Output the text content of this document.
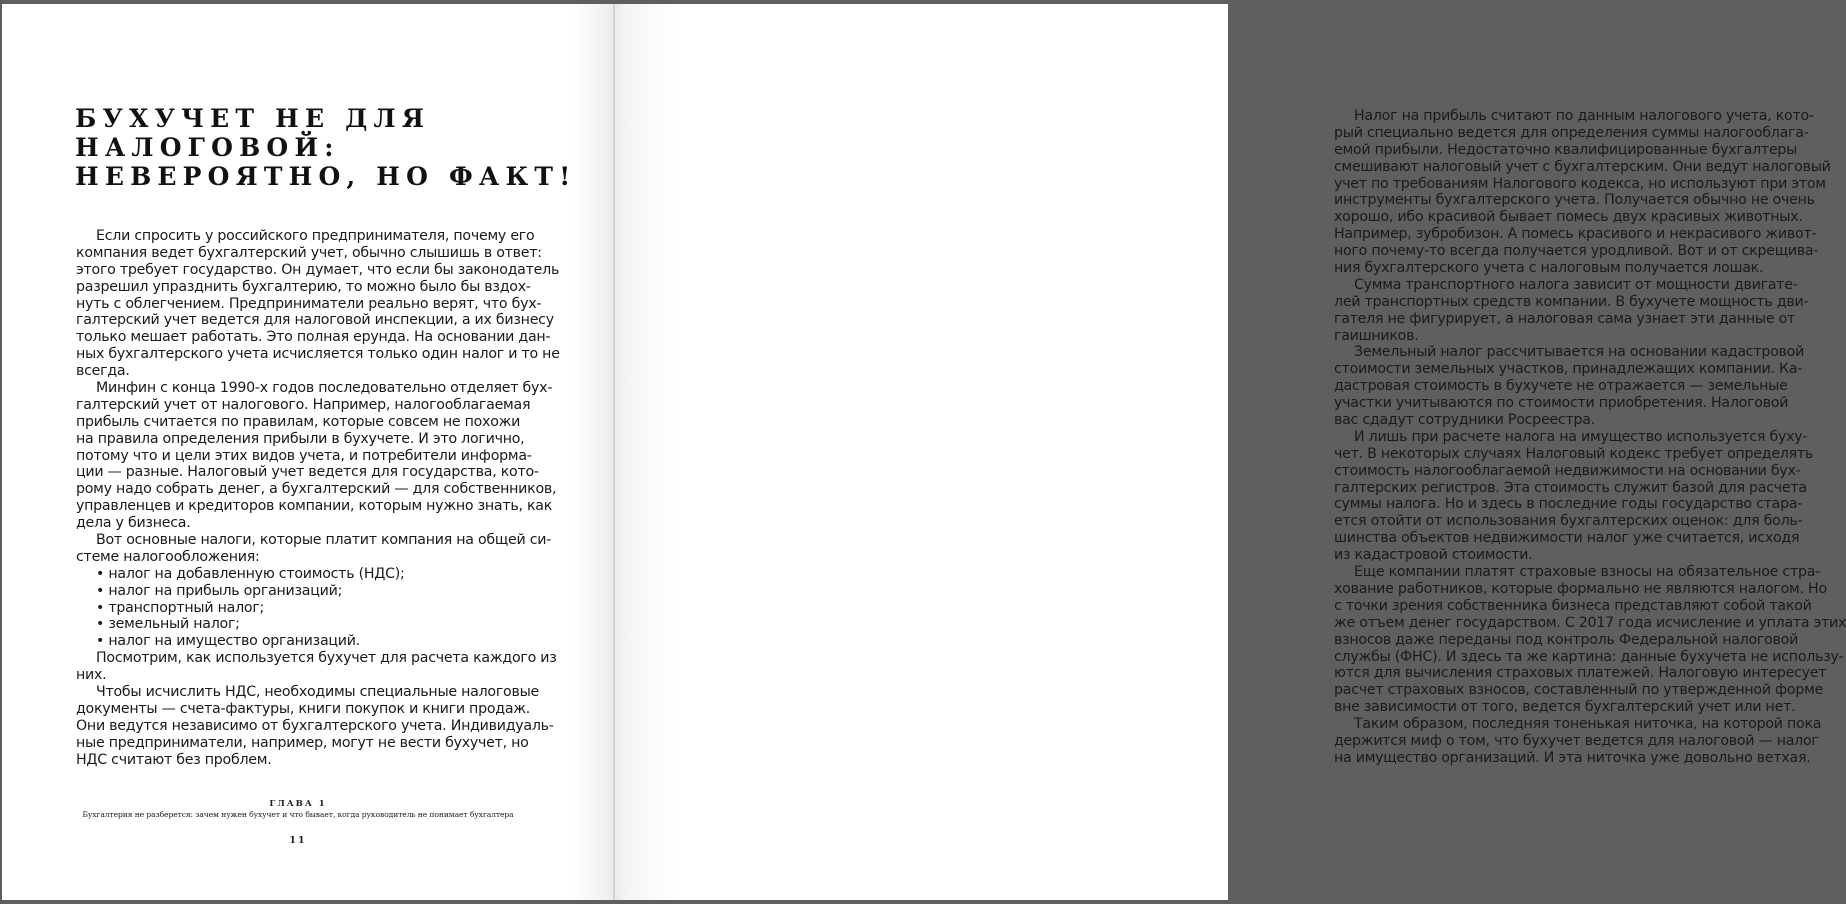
БУХУЧЕТ НЕ ДЛЯ
НАЛОГОВОЙ:
НЕВЕРОЯТНО, НО ФАКТ!
Если спросить у российского предпринимателя, почему его
компания ведет бухгалтерский учет, обычно слышишь в ответ:
этого требует государство. Он думает, что если бы законодатель
разрешил упразднить бухгалтерию, то можно было бы вздох-
нуть с облегчением. Предприниматели реально верят, что бух-
галтерский учет ведется для налоговой инспекции, а их бизнесу
только мешает работать. Это полная ерунда. На основании дан-
ных бухгалтерского учета исчисляется только один налог и то не
всегда.
Минфин с конца 1990-х годов последовательно отделяет бух-
галтерский учет от налогового. Например, налогооблагаемая
прибыль считается по правилам, которые совсем не похожи
на правила определения прибыли в бухучете. И это логично,
потому что и цели этих видов учета, и потребители информа-
ции — разные. Налоговый учет ведется для государства, кото-
рому надо собрать денег, а бухгалтерский — для собственников,
управленцев и кредиторов компании, которым нужно знать, как
дела у бизнеса.
Вот основные налоги, которые платит компания на общей си-
стеме налогообложения:
• налог на добавленную стоимость (НДС);
• налог на прибыль организаций;
• транспортный налог;
• земельный налог;
• налог на имущество организаций.
Посмотрим, как используется бухучет для расчета каждого из
них.
Чтобы исчислить НДС, необходимы специальные налоговые
документы — счета-фактуры, книги покупок и книги продаж.
Они ведутся независимо от бухгалтерского учета. Индивидуаль-
ные предприниматели, например, могут не вести бухучет, но
НДС считают без проблем.
ГЛАВА 1
Бухгалтерия не разберется: зачем нужен бухучет и что бывает, когда руководитель не понимает бухгалтера
11
Налог на прибыль считают по данным налогового учета, кото-
рый специально ведется для определения суммы налогооблага-
емой прибыли. Недостаточно квалифицированные бухгалтеры
смешивают налоговый учет с бухгалтерским. Они ведут налоговый
учет по требованиям Налогового кодекса, но используют при этом
инструменты бухгалтерского учета. Получается обычно не очень
хорошо, ибо красивой бывает помесь двух красивых животных.
Например, зубробизон. А помесь красивого и некрасивого живот-
ного почему-то всегда получается уродливой. Вот и от скрещива-
ния бухгалтерского учета с налоговым получается лошак.
Сумма транспортного налога зависит от мощности двигате-
лей транспортных средств компании. В бухучете мощность дви-
гателя не фигурирует, а налоговая сама узнает эти данные от
гаишников.
Земельный налог рассчитывается на основании кадастровой
стоимости земельных участков, принадлежащих компании. Ка-
дастровая стоимость в бухучете не отражается — земельные
участки учитываются по стоимости приобретения. Налоговой
вас сдадут сотрудники Росреестра.
И лишь при расчете налога на имущество используется буху-
чет. В некоторых случаях Налоговый кодекс требует определять
стоимость налогооблагаемой недвижимости на основании бух-
галтерских регистров. Эта стоимость служит базой для расчета
суммы налога. Но и здесь в последние годы государство стара-
ется отойти от использования бухгалтерских оценок: для боль-
шинства объектов недвижимости налог уже считается, исходя
из кадастровой стоимости.
Еще компании платят страховые взносы на обязательное стра-
хование работников, которые формально не являются налогом. Но
с точки зрения собственника бизнеса представляют собой такой
же отъем денег государством. С 2017 года исчисление и уплата этих
взносов даже переданы под контроль Федеральной налоговой
службы (ФНС). И здесь та же картина: данные бухучета не использу-
ются для вычисления страховых платежей. Налоговую интересует
расчет страховых взносов, составленный по утвержденной форме
вне зависимости от того, ведется бухгалтерский учет или нет.
Таким образом, последняя тоненькая ниточка, на которой пока
держится миф о том, что бухучет ведется для налоговой — налог
на имущество организаций. И эта ниточка уже довольно ветхая.
